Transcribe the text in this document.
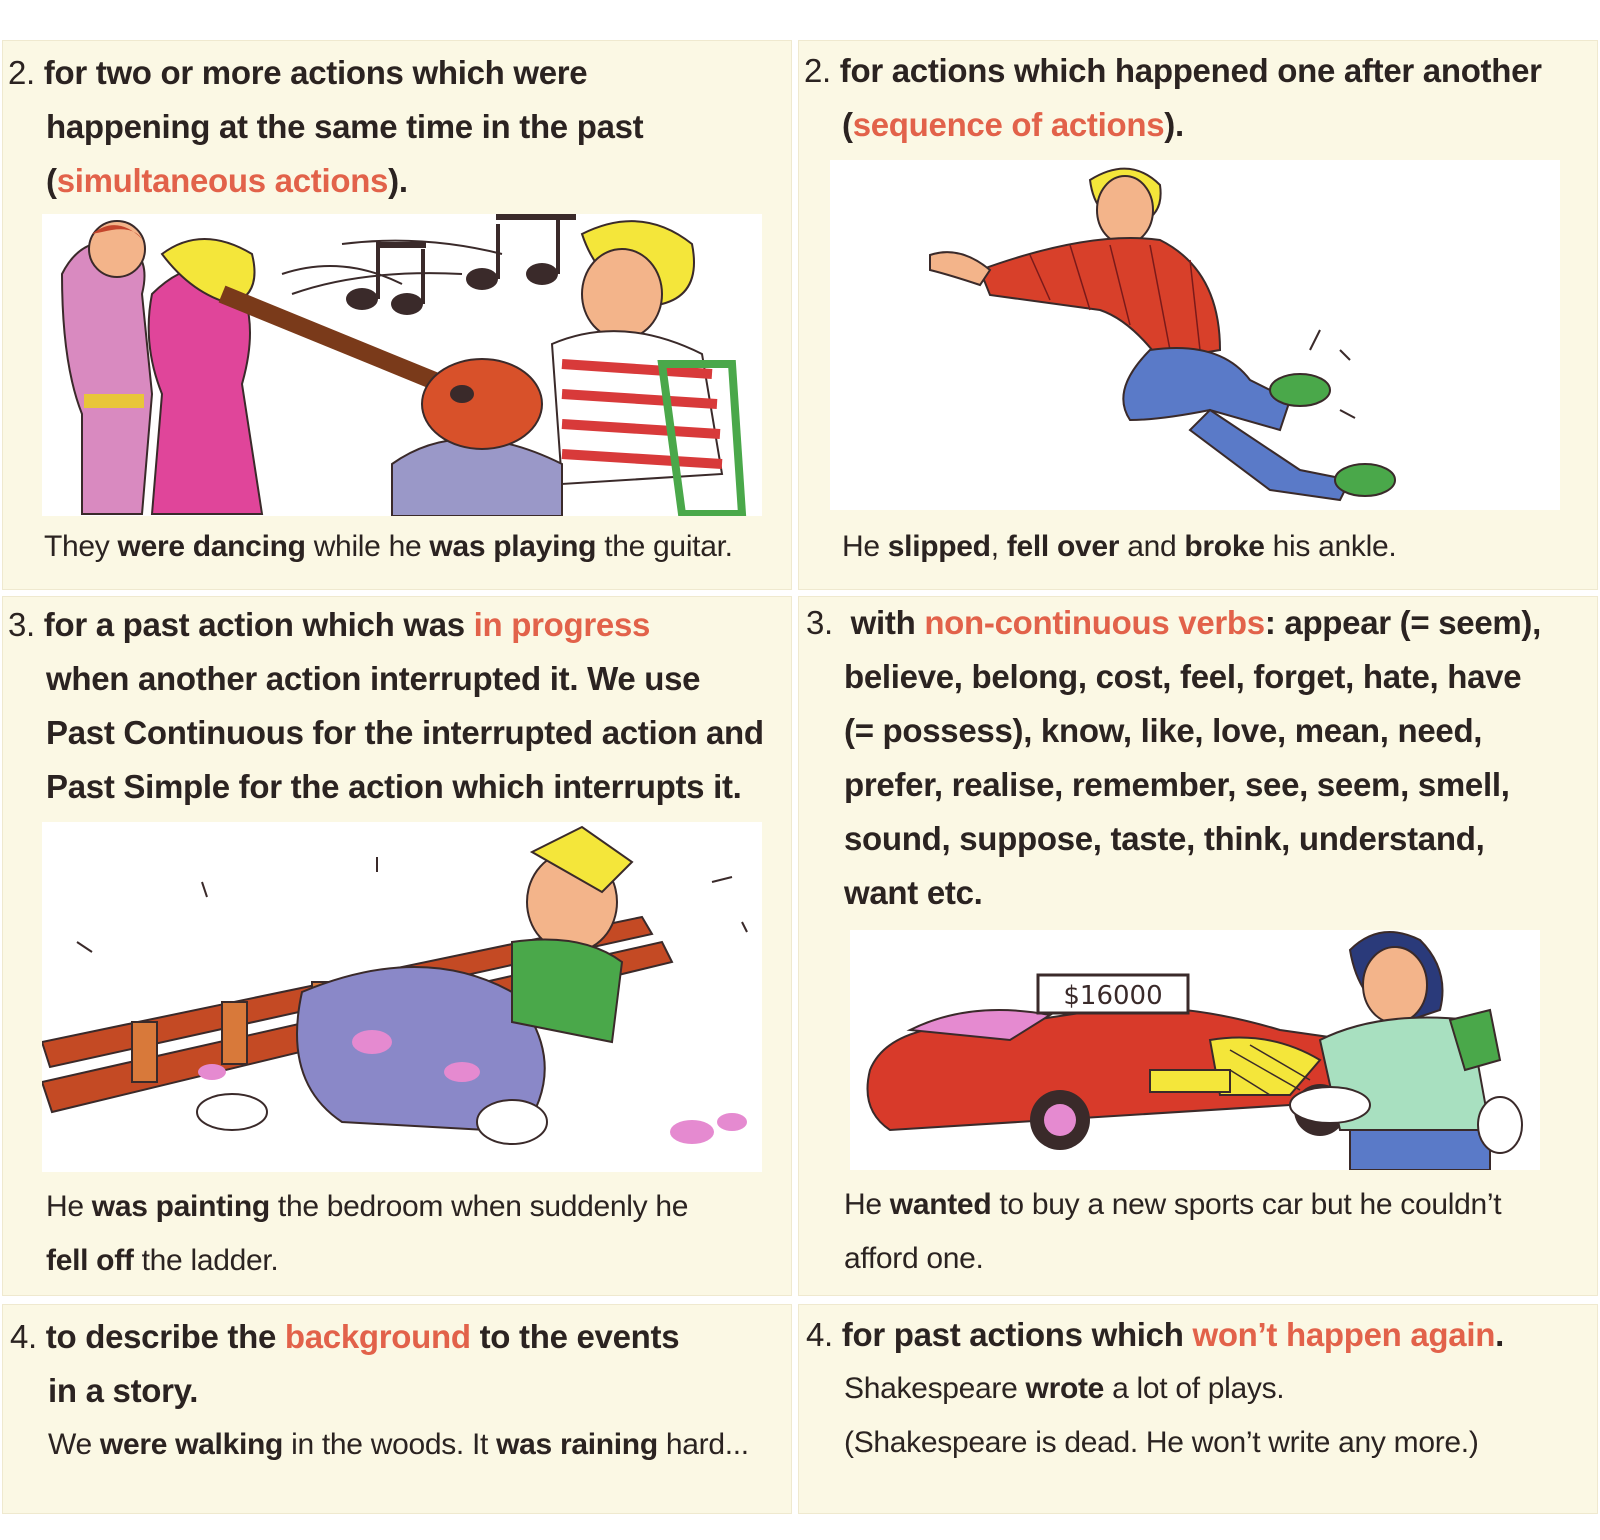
2. for two or more actions which were
happening at the same time in the past
(simultaneous actions).
They were dancing while he was playing the guitar.
2. for actions which happened one after another
(sequence of actions).
He slipped, fell over and broke his ankle.
3. for a past action which was in progress
when another action interrupted it. We use
Past Continuous for the interrupted action and
Past Simple for the action which interrupts it.
He was painting the bedroom when suddenly he
fell off the ladder.
3. with non-continuous verbs: appear (= seem),
believe, belong, cost, feel, forget, hate, have
(= possess), know, like, love, mean, need,
prefer, realise, remember, see, seem, smell,
sound, suppose, taste, think, understand,
want etc.
$16000
He wanted to buy a new sports car but he couldn’t
afford one.
4. to describe the background to the events
in a story.
We were walking in the woods. It was raining hard...
4. for past actions which won’t happen again.
Shakespeare wrote a lot of plays.
(Shakespeare is dead. He won’t write any more.)
